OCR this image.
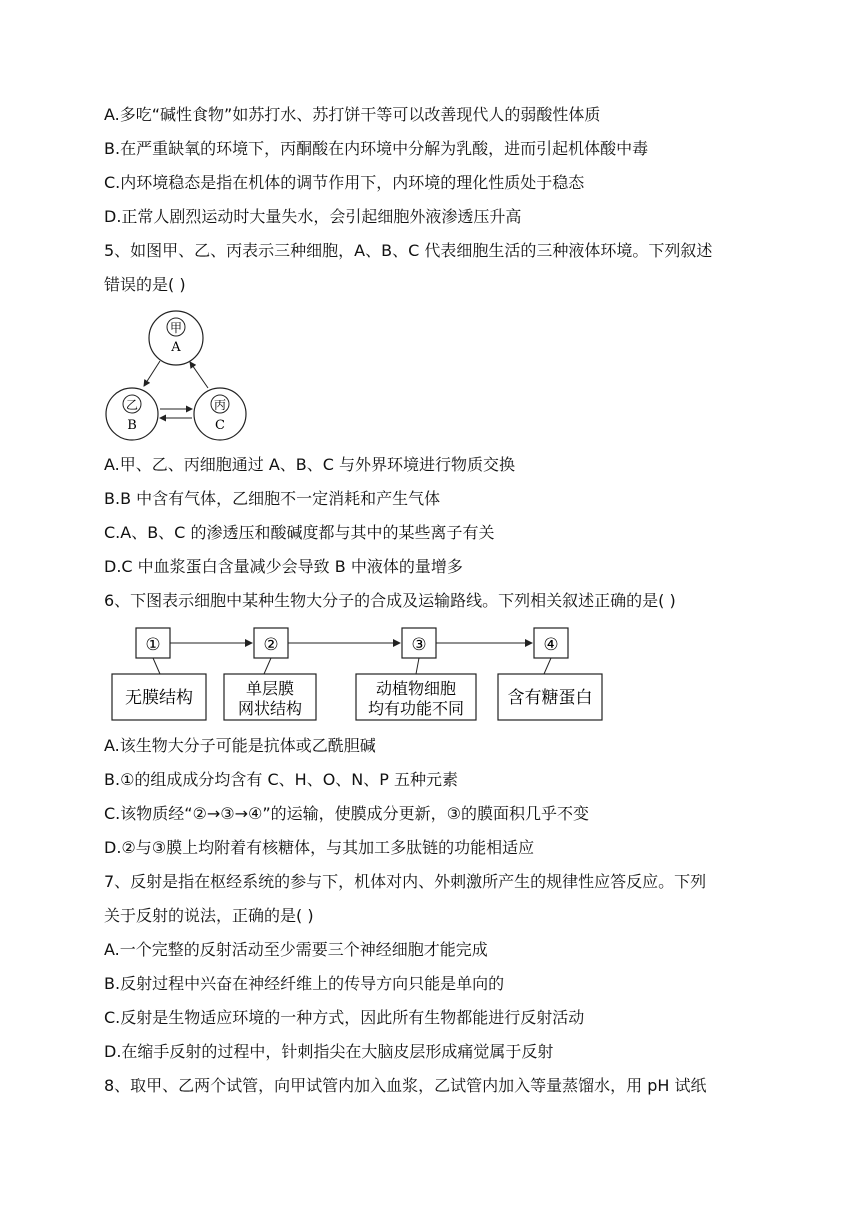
A.多吃“碱性食物”如苏打水、苏打饼干等可以改善现代人的弱酸性体质
B.在严重缺氧的环境下，丙酮酸在内环境中分解为乳酸，进而引起机体酸中毒
C.内环境稳态是指在机体的调节作用下，内环境的理化性质处于稳态
D.正常人剧烈运动时大量失水，会引起细胞外液渗透压升高
5、如图甲、乙、丙表示三种细胞，A、B、C 代表细胞生活的三种液体环境。下列叙述
错误的是( )
甲
A
乙
B
丙
C
A.甲、乙、丙细胞通过 A、B、C 与外界环境进行物质交换
B.B 中含有气体，乙细胞不一定消耗和产生气体
C.A、B、C 的渗透压和酸碱度都与其中的某些离子有关
D.C 中血浆蛋白含量减少会导致 B 中液体的量增多
6、下图表示细胞中某种生物大分子的合成及运输路线。下列相关叙述正确的是( )
①	②	③	④
无膜结构	单层膜
网状结构
动植物细胞
均有功能不同
含有糖蛋白
A.该生物大分子可能是抗体或乙酰胆碱
B.①的组成成分均含有 C、H、O、N、P 五种元素
C.该物质经“②→③→④”的运输，使膜成分更新，③的膜面积几乎不变
D.②与③膜上均附着有核糖体，与其加工多肽链的功能相适应
7、反射是指在枢经系统的参与下，机体对内、外刺激所产生的规律性应答反应。下列
关于反射的说法，正确的是( )
A.一个完整的反射活动至少需要三个神经细胞才能完成
B.反射过程中兴奋在神经纤维上的传导方向只能是单向的
C.反射是生物适应环境的一种方式，因此所有生物都能进行反射活动
D.在缩手反射的过程中，针刺指尖在大脑皮层形成痛觉属于反射
8、取甲、乙两个试管，向甲试管内加入血浆，乙试管内加入等量蒸馏水，用 pH 试纸
